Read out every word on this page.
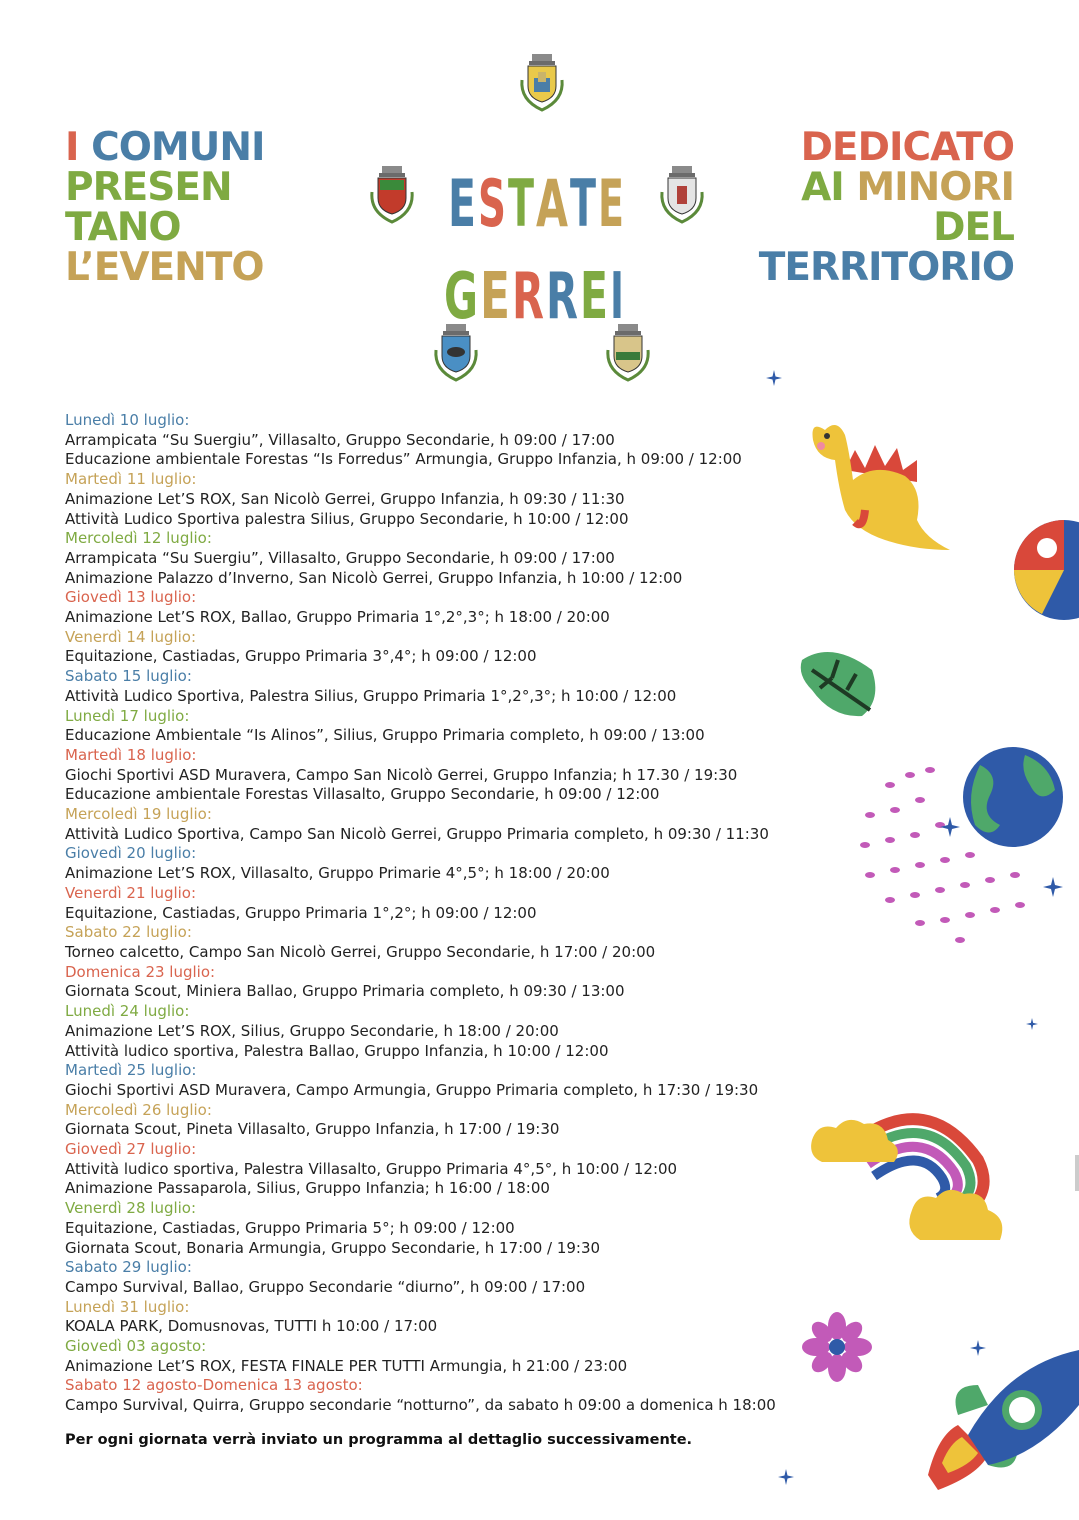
I COMUNI
PRESEN
TANO
L’EVENTO
DEDICATO
AI MINORI
DEL
TERRITORIO
E S T A T E
G E R R E I
Lunedì 10 luglio:
Arrampicata “Su Suergiu”, Villasalto, Gruppo Secondarie, h 09:00 / 17:00
Educazione ambientale Forestas “Is Forredus” Armungia, Gruppo Infanzia, h 09:00 / 12:00
Martedì 11 luglio:
Animazione Let’S ROX, San Nicolò Gerrei, Gruppo Infanzia, h 09:30 / 11:30
Attività Ludico Sportiva palestra Silius, Gruppo Secondarie, h 10:00 / 12:00
Mercoledì 12 luglio:
Arrampicata “Su Suergiu”, Villasalto, Gruppo Secondarie, h 09:00 / 17:00
Animazione Palazzo d’Inverno, San Nicolò Gerrei, Gruppo Infanzia, h 10:00 / 12:00
Giovedì 13 luglio:
Animazione Let’S ROX, Ballao, Gruppo Primaria 1°,2°,3°; h 18:00 / 20:00
Venerdì 14 luglio:
Equitazione, Castiadas, Gruppo Primaria 3°,4°; h 09:00 / 12:00
Sabato 15 luglio:
Attività Ludico Sportiva, Palestra Silius, Gruppo Primaria 1°,2°,3°; h 10:00 / 12:00
Lunedì 17 luglio:
Educazione Ambientale “Is Alinos”, Silius, Gruppo Primaria completo, h 09:00 / 13:00
Martedì 18 luglio:
Giochi Sportivi ASD Muravera, Campo San Nicolò Gerrei, Gruppo Infanzia; h 17.30 / 19:30
Educazione ambientale Forestas Villasalto, Gruppo Secondarie, h 09:00 / 12:00
Mercoledì 19 luglio:
Attività Ludico Sportiva, Campo San Nicolò Gerrei, Gruppo Primaria completo, h 09:30 / 11:30
Giovedì 20 luglio:
Animazione Let’S ROX, Villasalto, Gruppo Primarie 4°,5°; h 18:00 / 20:00
Venerdì 21 luglio:
Equitazione, Castiadas, Gruppo Primaria 1°,2°; h 09:00 / 12:00
Sabato 22 luglio:
Torneo calcetto, Campo San Nicolò Gerrei, Gruppo Secondarie, h 17:00 / 20:00
Domenica 23 luglio:
Giornata Scout, Miniera Ballao, Gruppo Primaria completo, h 09:30 / 13:00
Lunedì 24 luglio:
Animazione Let’S ROX, Silius, Gruppo Secondarie, h 18:00 / 20:00
Attività ludico sportiva, Palestra Ballao, Gruppo Infanzia, h 10:00 / 12:00
Martedì 25 luglio:
Giochi Sportivi ASD Muravera, Campo Armungia, Gruppo Primaria completo, h 17:30 / 19:30
Mercoledì 26 luglio:
Giornata Scout, Pineta Villasalto, Gruppo Infanzia, h 17:00 / 19:30
Giovedì 27 luglio:
Attività ludico sportiva, Palestra Villasalto, Gruppo Primaria 4°,5°, h 10:00 / 12:00
Animazione Passaparola, Silius, Gruppo Infanzia; h 16:00 / 18:00
Venerdì 28 luglio:
Equitazione, Castiadas, Gruppo Primaria 5°; h 09:00 / 12:00
Giornata Scout, Bonaria Armungia, Gruppo Secondarie, h 17:00 / 19:30
Sabato 29 luglio:
Campo Survival, Ballao, Gruppo Secondarie “diurno”, h 09:00 / 17:00
Lunedì 31 luglio:
KOALA PARK, Domusnovas, TUTTI h 10:00 / 17:00
Giovedì 03 agosto:
Animazione Let’S ROX, FESTA FINALE PER TUTTI Armungia, h 21:00 / 23:00
Sabato 12 agosto-Domenica 13 agosto:
Campo Survival, Quirra, Gruppo secondarie “notturno”, da sabato h 09:00 a domenica h 18:00
Per ogni giornata verrà inviato un programma al dettaglio successivamente.
